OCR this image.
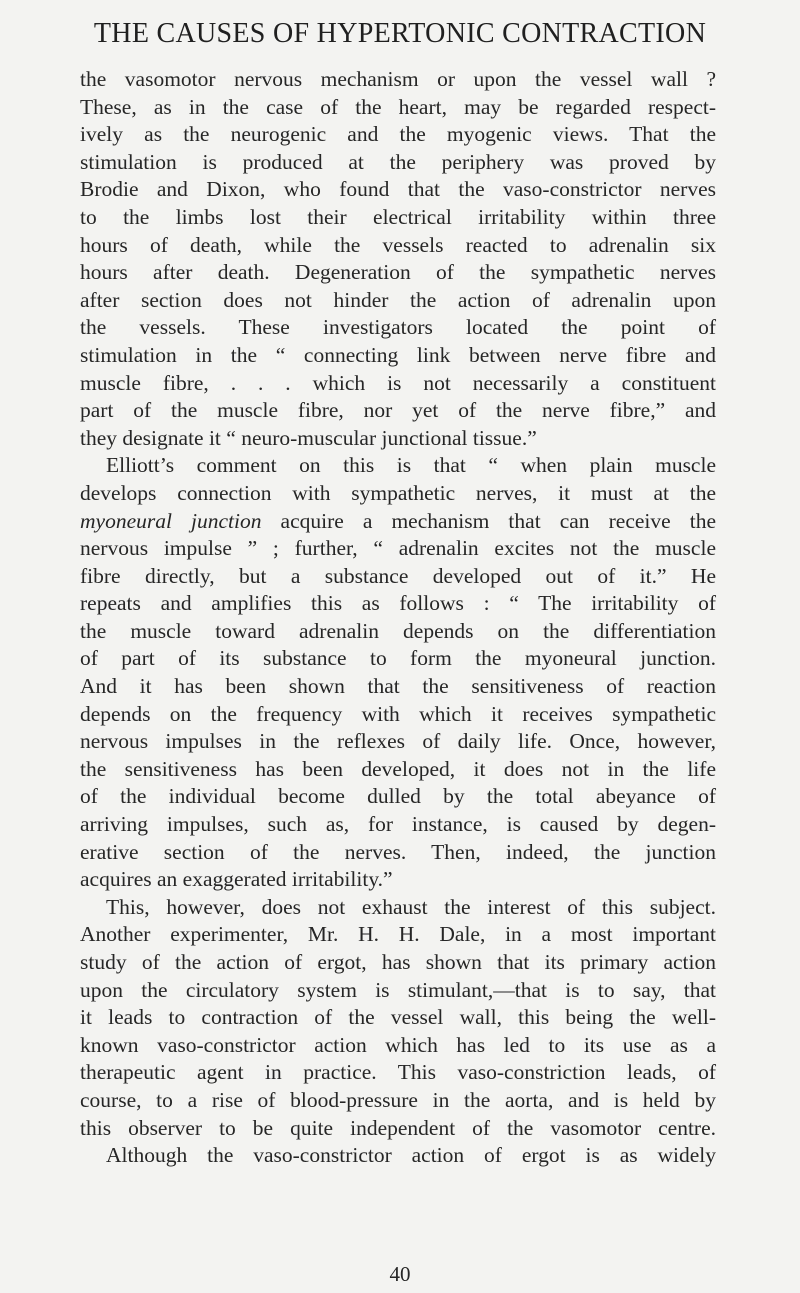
THE CAUSES OF HYPERTONIC CONTRACTION
the vasomotor nervous mechanism or upon the vessel wall ?
These, as in the case of the heart, may be regarded respect-
ively as the neurogenic and the myogenic views. That the
stimulation is produced at the periphery was proved by
Brodie and Dixon, who found that the vaso-constrictor nerves
to the limbs lost their electrical irritability within three
hours of death, while the vessels reacted to adrenalin six
hours after death. Degeneration of the sympathetic nerves
after section does not hinder the action of adrenalin upon
the vessels. These investigators located the point of
stimulation in the “ connecting link between nerve fibre and
muscle fibre, . . . which is not necessarily a constituent
part of the muscle fibre, nor yet of the nerve fibre,” and
they designate it “ neuro-muscular junctional tissue.”
Elliott’s comment on this is that “ when plain muscle
develops connection with sympathetic nerves, it must at the
myoneural junction acquire a mechanism that can receive the
nervous impulse ” ; further, “ adrenalin excites not the muscle
fibre directly, but a substance developed out of it.” He
repeats and amplifies this as follows : “ The irritability of
the muscle toward adrenalin depends on the differentiation
of part of its substance to form the myoneural junction.
And it has been shown that the sensitiveness of reaction
depends on the frequency with which it receives sympathetic
nervous impulses in the reflexes of daily life. Once, however,
the sensitiveness has been developed, it does not in the life
of the individual become dulled by the total abeyance of
arriving impulses, such as, for instance, is caused by degen-
erative section of the nerves. Then, indeed, the junction
acquires an exaggerated irritability.”
This, however, does not exhaust the interest of this subject.
Another experimenter, Mr. H. H. Dale, in a most important
study of the action of ergot, has shown that its primary action
upon the circulatory system is stimulant,—that is to say, that
it leads to contraction of the vessel wall, this being the well-
known vaso-constrictor action which has led to its use as a
therapeutic agent in practice. This vaso-constriction leads, of
course, to a rise of blood-pressure in the aorta, and is held by
this observer to be quite independent of the vasomotor centre.
Although the vaso-constrictor action of ergot is as widely
40
